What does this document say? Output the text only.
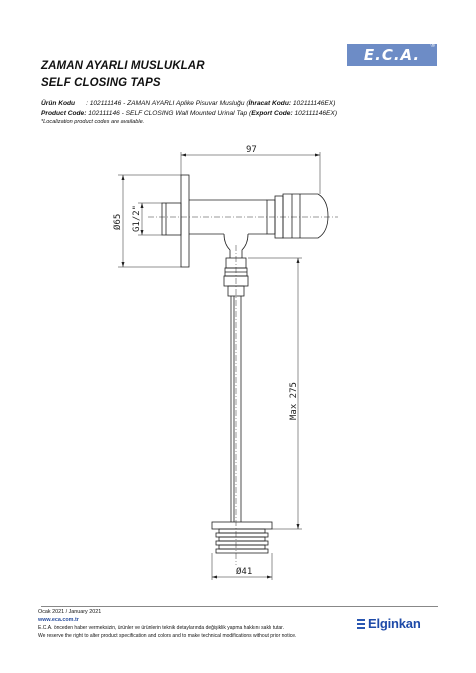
E.C.A.	®
ZAMAN AYARLI MUSLUKLAR
SELF CLOSING TAPS
Ürün Kodu : 102111146 - ZAMAN AYARLI Aplike Pisuvar Musluğu (İhracat Kodu: 102111146EX)
Product Code: 102111146 - SELF CLOSING Wall Mounted Urinal Tap (Export Code: 102111146EX)
*Localization product codes are available.
97
Ø65 G1/2"
Max 275
Ø41
Ocak 2021 / January 2021
www.eca.com.tr
E.C.A. önceden haber vermeksizin, ürünler ve ürünlerin teknik detaylarında değişiklik yapma hakkını saklı tutar.
We reserve the right to alter product specification and colors and to make technical modifications without prior notice.
Elginkan
